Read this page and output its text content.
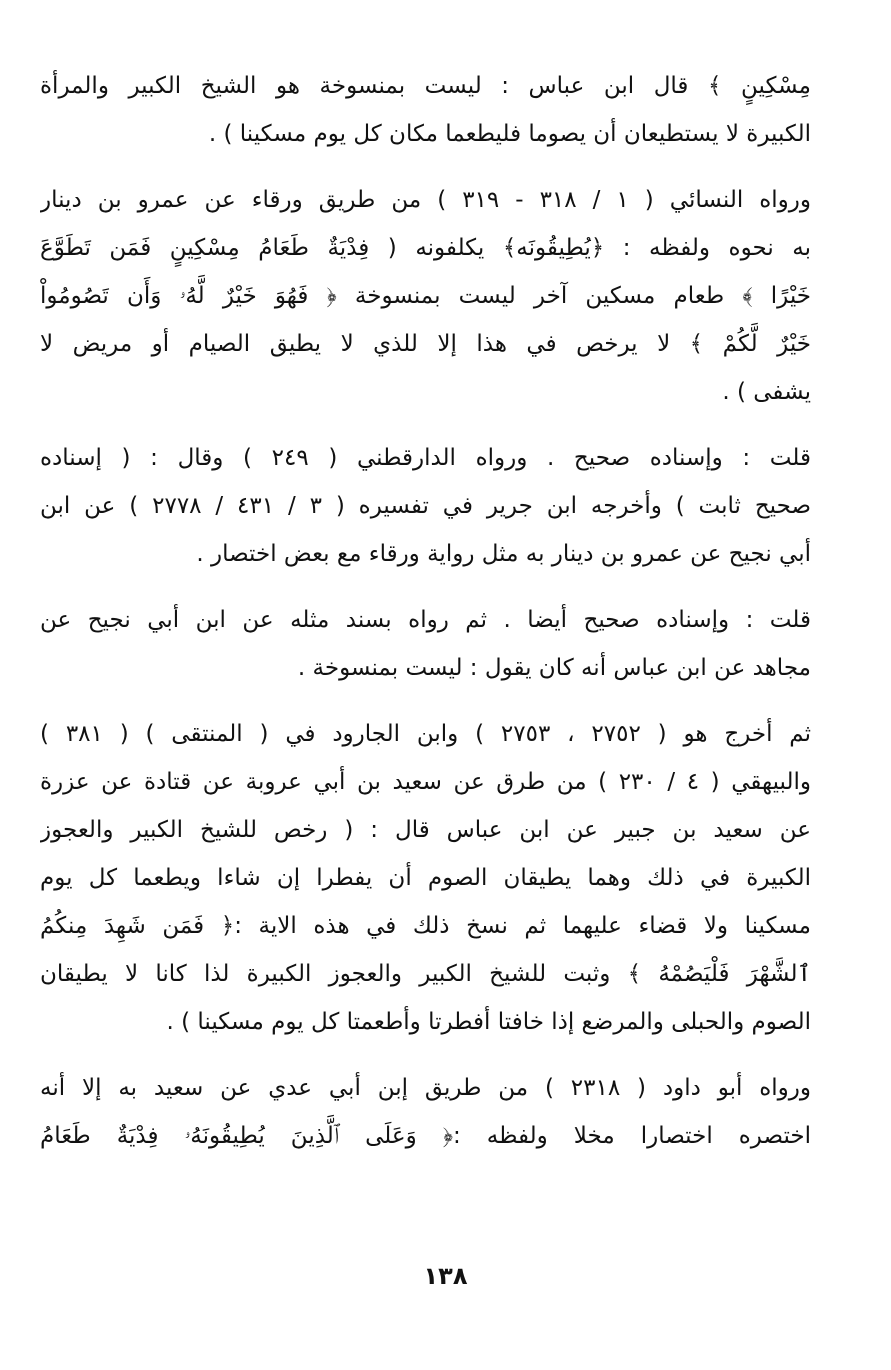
مِسْكِينٍ ﴾ قال ابن عباس : ليست بمنسوخة هو الشيخ الكبير والمرأة
الكبيرة لا يستطيعان أن يصوما فليطعما مكان كل يوم مسكينا ) .
ورواه النسائي ( ١ / ٣١٨ - ٣١٩ ) من طريق ورقاء عن عمرو بن دينار
به نحوه ولفظه : ﴿يُطِيقُونَه﴾ يكلفونه ( فِدْيَةٌ طَعَامُ مِسْكِينٍ فَمَن تَطَوَّعَ
خَيْرًا ﴾ طعام مسكين آخر ليست بمنسوخة ﴿ فَهُوَ خَيْرٌ لَّهُۥ وَأَن تَصُومُواْ
خَيْرٌ لَّكُمْ ﴾ لا يرخص في هذا إلا للذي لا يطيق الصيام أو مريض لا
يشفى ) .
قلت : وإسناده صحيح . ورواه الدارقطني ( ٢٤٩ ) وقال : ( إسناده
صحيح ثابت ) وأخرجه ابن جرير في تفسيره ( ٣ / ٤٣١ / ٢٧٧٨ ) عن ابن
أبي نجيح عن عمرو بن دينار به مثل رواية ورقاء مع بعض اختصار .
قلت : وإسناده صحيح أيضا . ثم رواه بسند مثله عن ابن أبي نجيح عن
مجاهد عن ابن عباس أنه كان يقول : ليست بمنسوخة .
ثم أخرج هو ( ٢٧٥٢ ، ٢٧٥٣ ) وابن الجارود في ( المنتقى ) ( ٣٨١ )
والبيهقي ( ٤ / ٢٣٠ ) من طرق عن سعيد بن أبي عروبة عن قتادة عن عزرة
عن سعيد بن جبير عن ابن عباس قال : ( رخص للشيخ الكبير والعجوز
الكبيرة في ذلك وهما يطيقان الصوم أن يفطرا إن شاءا ويطعما كل يوم
مسكينا ولا قضاء عليهما ثم نسخ ذلك في هذه الاية :﴿ فَمَن شَهِدَ مِنكُمُ
ٱلشَّهْرَ فَلْيَصُمْهُ ﴾ وثبت للشيخ الكبير والعجوز الكبيرة لذا كانا لا يطيقان
الصوم والحبلى والمرضع إذا خافتا أفطرتا وأطعمتا كل يوم مسكينا ) .
ورواه أبو داود ( ٢٣١٨ ) من طريق إبن أبي عدي عن سعيد به إلا أنه
اختصره اختصارا مخلا ولفظه :﴿ وَعَلَى ٱلَّذِينَ يُطِيقُونَهُۥ فِدْيَةٌ طَعَامُ
١٣٨
